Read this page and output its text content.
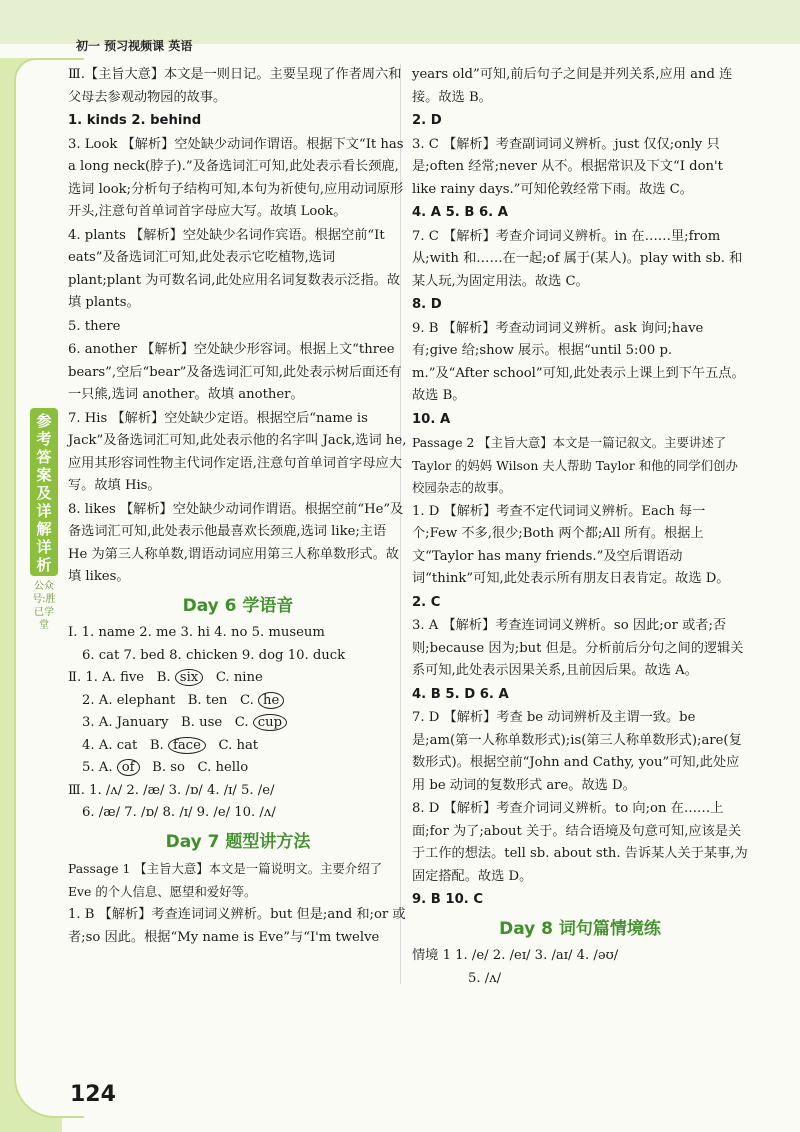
初一 预习视频课 英语
参考答案及详解详析
公众号:胜已学堂
Ⅲ.【主旨大意】本文是一则日记。主要呈现了作者周六和父母去参观动物园的故事。
1. kinds 2. behind
3. Look 【解析】空处缺少动词作谓语。根据下文“It has a long neck(脖子).”及备选词汇可知,此处表示看长颈鹿,选词 look;分析句子结构可知,本句为祈使句,应用动词原形开头,注意句首单词首字母应大写。故填 Look。
4. plants 【解析】空处缺少名词作宾语。根据空前“It eats”及备选词汇可知,此处表示它吃植物,选词 plant;plant 为可数名词,此处应用名词复数表示泛指。故填 plants。
5. there
6. another 【解析】空处缺少形容词。根据上文“three bears”,空后“bear”及备选词汇可知,此处表示树后面还有一只熊,选词 another。故填 another。
7. His 【解析】空处缺少定语。根据空后“name is Jack”及备选词汇可知,此处表示他的名字叫 Jack,选词 he,应用其形容词性物主代词作定语,注意句首单词首字母应大写。故填 His。
8. likes 【解析】空处缺少动词作谓语。根据空前“He”及备选词汇可知,此处表示他最喜欢长颈鹿,选词 like;主语 He 为第三人称单数,谓语动词应用第三人称单数形式。故填 likes。
Day 6 学语音
Ⅰ. 1. name 2. me 3. hi 4. no 5. museum
6. cat 7. bed 8. chicken 9. dog 10. duck
Ⅱ. 1. A. five B. six C. nine
2. A. elephant B. ten C. he
3. A. January B. use C. cup
4. A. cat B. face C. hat
5. A. of B. so C. hello
Ⅲ. 1. /ʌ/ 2. /æ/ 3. /ɒ/ 4. /ɪ/ 5. /e/
6. /æ/ 7. /ɒ/ 8. /ɪ/ 9. /e/ 10. /ʌ/
Day 7 题型讲方法
Passage 1 【主旨大意】本文是一篇说明文。主要介绍了 Eve 的个人信息、愿望和爱好等。
1. B 【解析】考查连词词义辨析。but 但是;and 和;or 或者;so 因此。根据“My name is Eve”与“I'm twelve
years old”可知,前后句子之间是并列关系,应用 and 连接。故选 B。
2. D
3. C 【解析】考查副词词义辨析。just 仅仅;only 只是;often 经常;never 从不。根据常识及下文“I don't like rainy days.”可知伦敦经常下雨。故选 C。
4. A 5. B 6. A
7. C 【解析】考查介词词义辨析。in 在……里;from 从;with 和……在一起;of 属于(某人)。play with sb. 和某人玩,为固定用法。故选 C。
8. D
9. B 【解析】考查动词词义辨析。ask 询问;have 有;give 给;show 展示。根据“until 5:00 p. m.”及“After school”可知,此处表示上课上到下午五点。故选 B。
10. A
Passage 2 【主旨大意】本文是一篇记叙文。主要讲述了 Taylor 的妈妈 Wilson 夫人帮助 Taylor 和他的同学们创办校园杂志的故事。
1. D 【解析】考查不定代词词义辨析。Each 每一个;Few 不多,很少;Both 两个都;All 所有。根据上文“Taylor has many friends.”及空后谓语动词“think”可知,此处表示所有朋友日表肯定。故选 D。
2. C
3. A 【解析】考查连词词义辨析。so 因此;or 或者;否则;because 因为;but 但是。分析前后分句之间的逻辑关系可知,此处表示因果关系,且前因后果。故选 A。
4. B 5. D 6. A
7. D 【解析】考查 be 动词辨析及主谓一致。be 是;am(第一人称单数形式);is(第三人称单数形式);are(复数形式)。根据空前“John and Cathy, you”可知,此处应用 be 动词的复数形式 are。故选 D。
8. D 【解析】考查介词词义辨析。to 向;on 在……上面;for 为了;about 关于。结合语境及句意可知,应该是关于工作的想法。tell sb. about sth. 告诉某人关于某事,为固定搭配。故选 D。
9. B 10. C
Day 8 词句篇情境练
情境 1 1. /e/ 2. /eɪ/ 3. /aɪ/ 4. /əʊ/
5. /ʌ/
124
